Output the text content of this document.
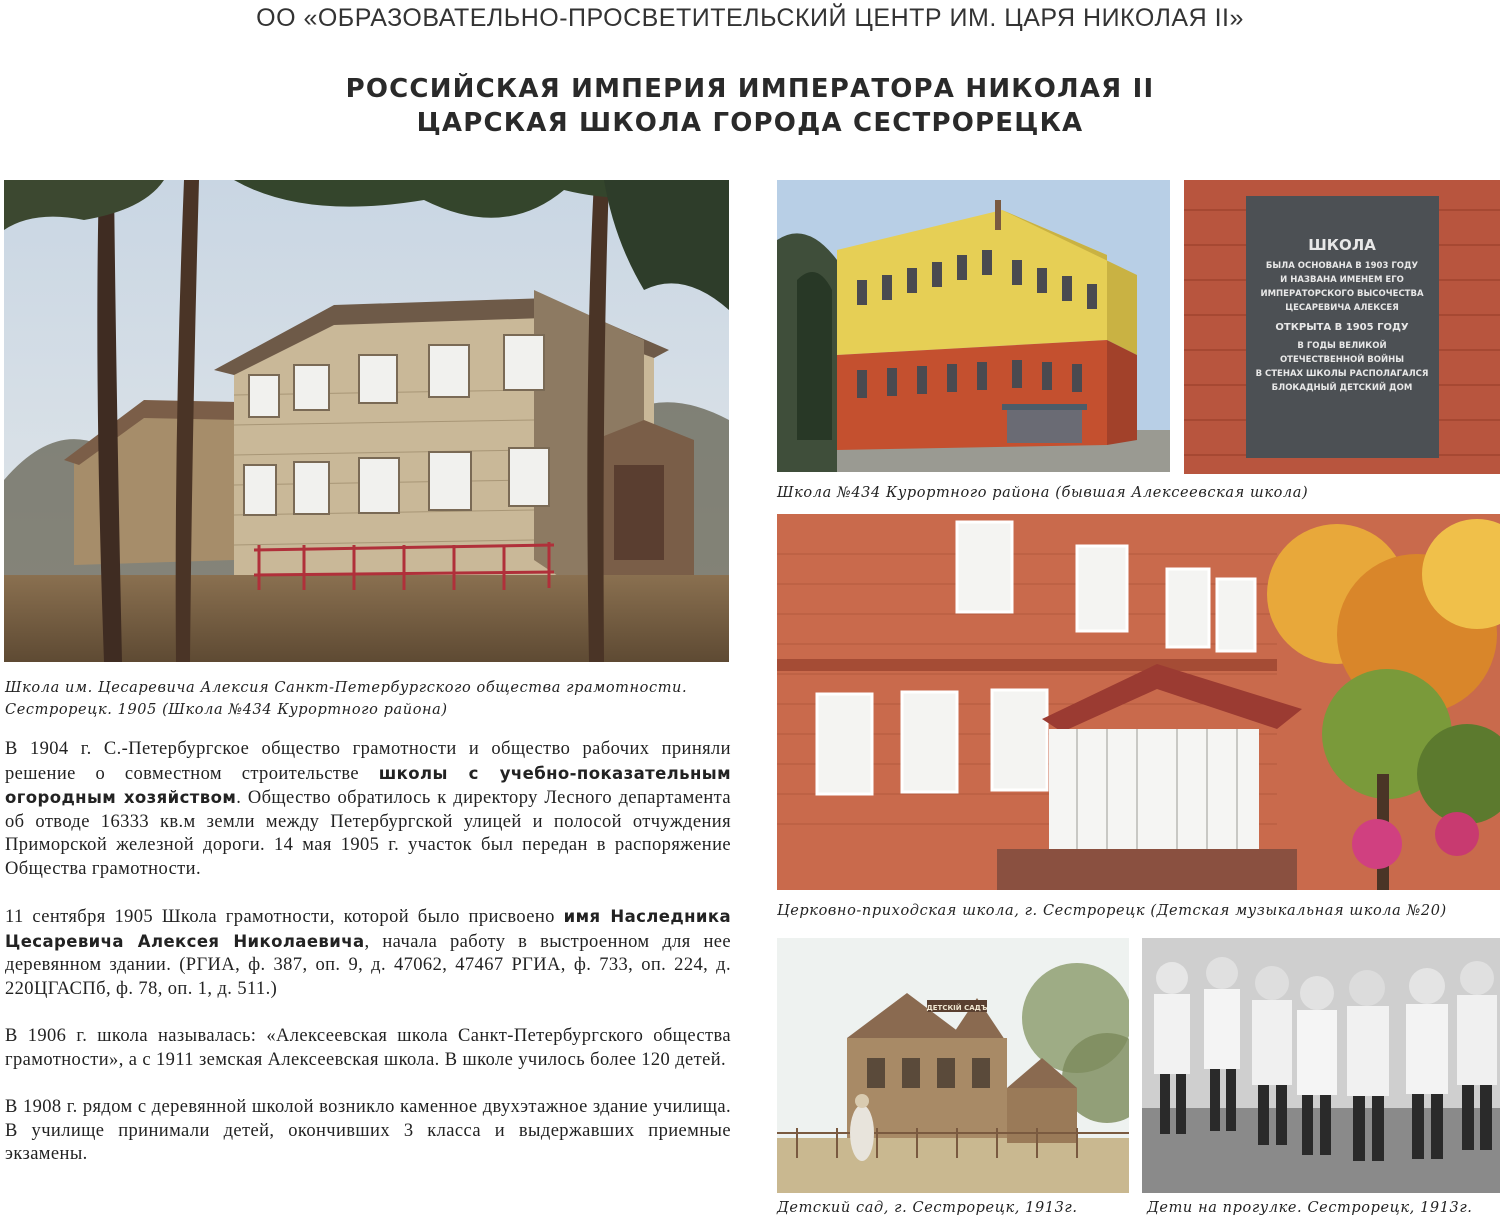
ОО «ОБРАЗОВАТЕЛЬНО-ПРОСВЕТИТЕЛЬСКИЙ ЦЕНТР ИМ. ЦАРЯ НИКОЛАЯ II»
РОССИЙСКАЯ ИМПЕРИЯ ИМПЕРАТОРА НИКОЛАЯ II
ЦАРСКАЯ ШКОЛА ГОРОДА СЕСТРОРЕЦКА
Школа им. Цесаревича Алексия Санкт-Петербургского общества грамотности.
Сестрорецк. 1905 (Школа №434 Курортного района)
ШКОЛА
БЫЛА ОСНОВАНА В 1903 ГОДУ
И НАЗВАНА ИМЕНЕМ ЕГО
ИМПЕРАТОРСКОГО ВЫСОЧЕСТВА
ЦЕСАРЕВИЧА АЛЕКСЕЯ
ОТКРЫТА В 1905 ГОДУ
В ГОДЫ ВЕЛИКОЙ
ОТЕЧЕСТВЕННОЙ ВОЙНЫ
В СТЕНАХ ШКОЛЫ РАСПОЛАГАЛСЯ
БЛОКАДНЫЙ ДЕТСКИЙ ДОМ
Школа №434 Курортного района (бывшая Алексеевская школа)
Церковно-приходская школа, г. Сестрорецк (Детская музыкальная школа №20)
ДЕТСКІЙ САДЪ
Детский сад, г. Сестрорецк, 1913г.	Дети на прогулке. Сестрорецк, 1913г.

В 1904 г. С.-Петербургское общество грамотности и общество рабочих приняли решение о совместном строительстве школы с учебно-показательным огородным хозяйством. Общество обратилось к директору Лесного департамента об отводе 16333 кв.м земли между Петербургской улицей и полосой отчуждения Приморской железной дороги. 14 мая 1905 г. участок был передан в распоряжение Общества грамотности.

11 сентября 1905 Школа грамотности, которой было присвоено имя Наследника Цесаревича Алексея Николаевича, начала работу в выстроенном для нее деревянном здании. (РГИА, ф. 387, оп. 9, д. 47062, 47467 РГИА, ф. 733, оп. 224, д. 220ЦГАСПб, ф. 78, оп. 1, д. 511.)

В 1906 г. школа называлась: «Алексеевская школа Санкт-Петербургского общества грамотности», а с 1911 земская Алексеевская школа. В школе училось более 120 детей.

В 1908 г. рядом с деревянной школой возникло каменное двухэтажное здание училища. В училище принимали детей, окончивших 3 класса и выдержавших приемные экзамены.
